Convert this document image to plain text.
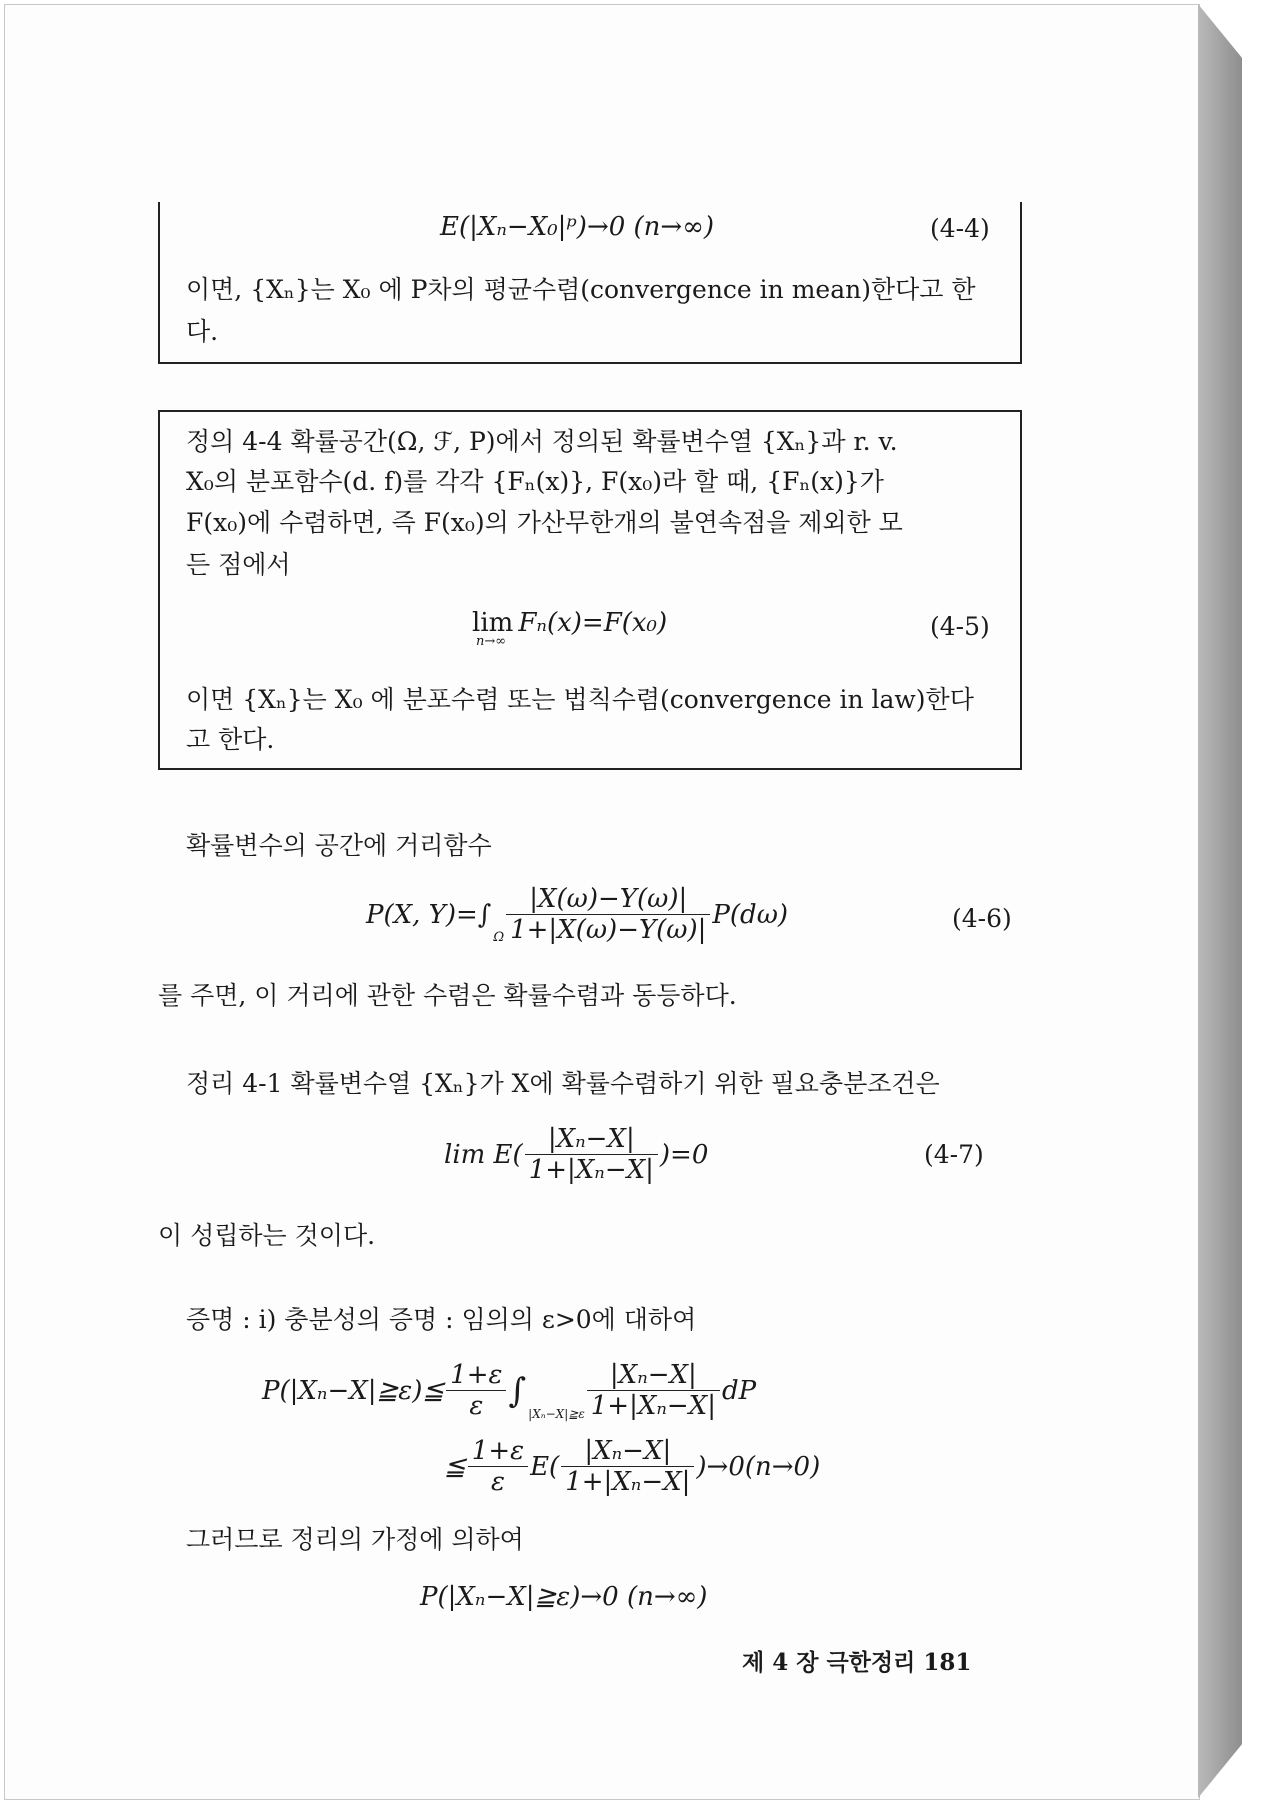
E(|Xₙ−X₀|ᵖ)→0 (n→∞)	(4-4)
이면, {Xₙ}는 X₀ 에 P차의 평균수렴(convergence in mean)한다고 한
다.
정의 4-4 확률공간(Ω, ℱ, P)에서 정의된 확률변수열 {Xₙ}과 r. v.
X₀의 분포함수(d. f)를 각각 {Fₙ(x)}, F(x₀)라 할 때, {Fₙ(x)}가
F(x₀)에 수렴하면, 즉 F(x₀)의 가산무한개의 불연속점을 제외한 모
든 점에서
lim Fₙ(x)=F(x₀)
n→∞
(4-5)
이면 {Xₙ}는 X₀ 에 분포수렴 또는 법칙수렴(convergence in law)한다
고 한다.
확률변수의 공간에 거리함수
P(X, Y)=∫
Ω $\frac{|X(\omega)-Y(\omega)|}{1+|X(\omega)-Y(\omega)|} P(d\omega)$	(4-6)
를 주면, 이 거리에 관한 수렴은 확률수렴과 동등하다.
정리 4-1 확률변수열 {Xₙ}가 X에 확률수렴하기 위한 필요충분조건은
$\lim E( \frac{\text{|Xₙ−X|}}{\text{1+|Xₙ−X|}} )=0$	(4-7)
이 성립하는 것이다.
증명 : i) 충분성의 증명 : 임의의 ε>0에 대하여
P(|Xₙ−X|≧ε)≦ $\frac{1+\varepsilon}{\varepsilon}$ ∫
|Xₙ−X|≧ε $\frac{\text{|Xₙ−X|}}{\text{1+|Xₙ−X|}}$ dP
≦ $\frac{1+\varepsilon}{\varepsilon} E( \frac{\text{|Xₙ−X|}}{\text{1+|Xₙ−X|}} )\to 0(n\to 0)$
그러므로 정리의 가정에 의하여
P(|Xₙ−X|≧ε)→0 (n→∞)
제 4 장 극한정리 181
